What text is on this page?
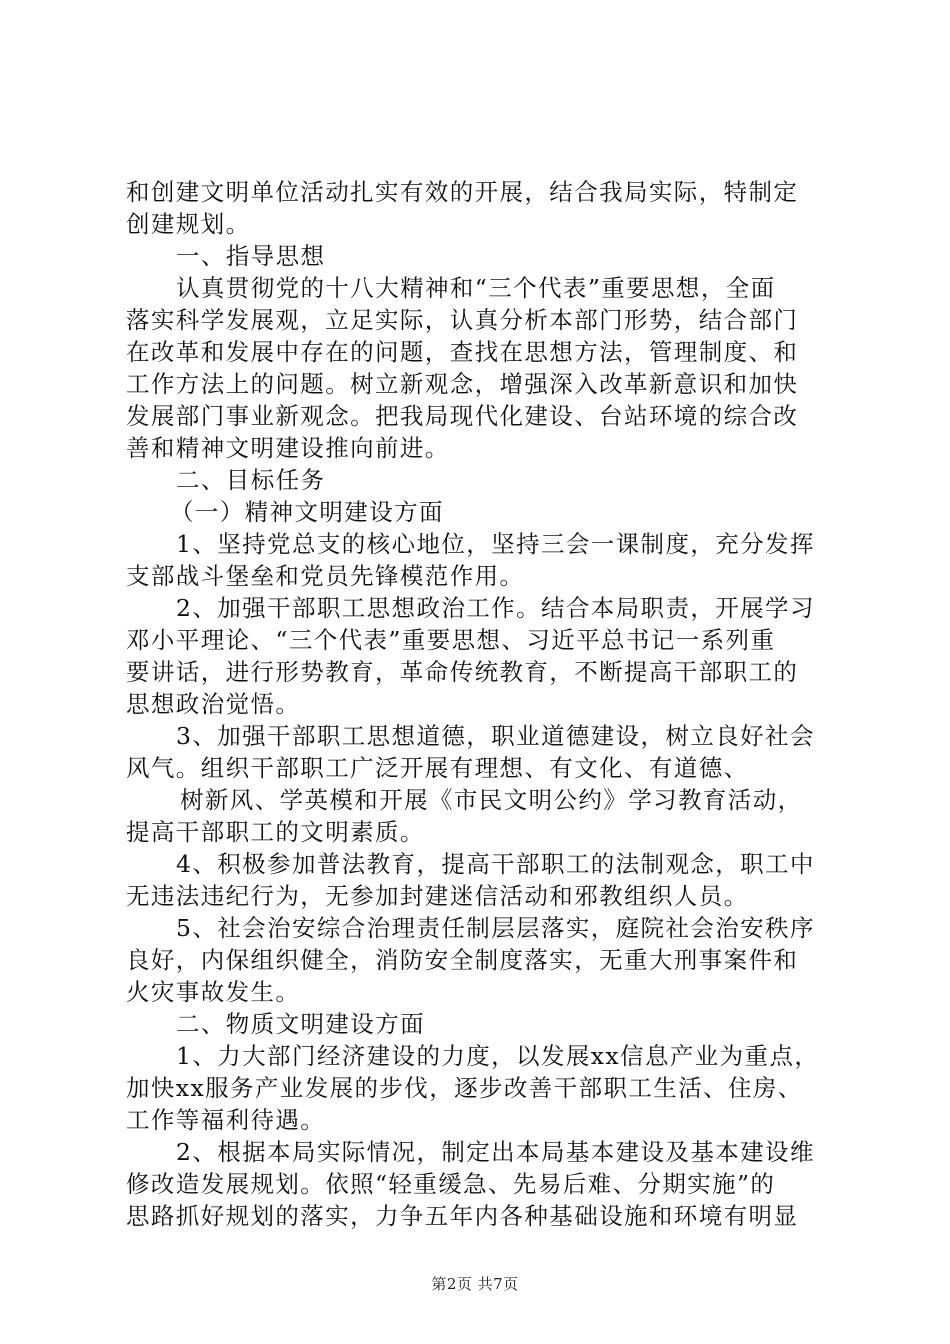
和创建文明单位活动扎实有效的开展，结合我局实际，特制定
创建规划。
一、指导思想
认真贯彻党的十八大精神和“三个代表”重要思想，全面
落实科学发展观，立足实际，认真分析本部门形势，结合部门
在改革和发展中存在的问题，查找在思想方法，管理制度、和
工作方法上的问题。树立新观念，增强深入改革新意识和加快
发展部门事业新观念。把我局现代化建设、台站环境的综合改
善和精神文明建设推向前进。
二、目标任务
（一）精神文明建设方面
1、坚持党总支的核心地位，坚持三会一课制度，充分发挥
支部战斗堡垒和党员先锋模范作用。
2、加强干部职工思想政治工作。结合本局职责，开展学习
邓小平理论、“三个代表”重要思想、习近平总书记一系列重
要讲话，进行形势教育，革命传统教育，不断提高干部职工的
思想政治觉悟。
3、加强干部职工思想道德，职业道德建设，树立良好社会
风气。组织干部职工广泛开展有理想、有文化、有道德、
树新风、学英模和开展《市民文明公约》学习教育活动，
提高干部职工的文明素质。
4、积极参加普法教育，提高干部职工的法制观念，职工中
无违法违纪行为，无参加封建迷信活动和邪教组织人员。
5、社会治安综合治理责任制层层落实，庭院社会治安秩序
良好，内保组织健全，消防安全制度落实，无重大刑事案件和
火灾事故发生。
二、物质文明建设方面
1、力大部门经济建设的力度，以发展xx信息产业为重点，
加快xx服务产业发展的步伐，逐步改善干部职工生活、住房、
工作等福利待遇。
2、根据本局实际情况，制定出本局基本建设及基本建设维
修改造发展规划。依照“轻重缓急、先易后难、分期实施”的
思路抓好规划的落实，力争五年内各种基础设施和环境有明显
第2页 共7页
